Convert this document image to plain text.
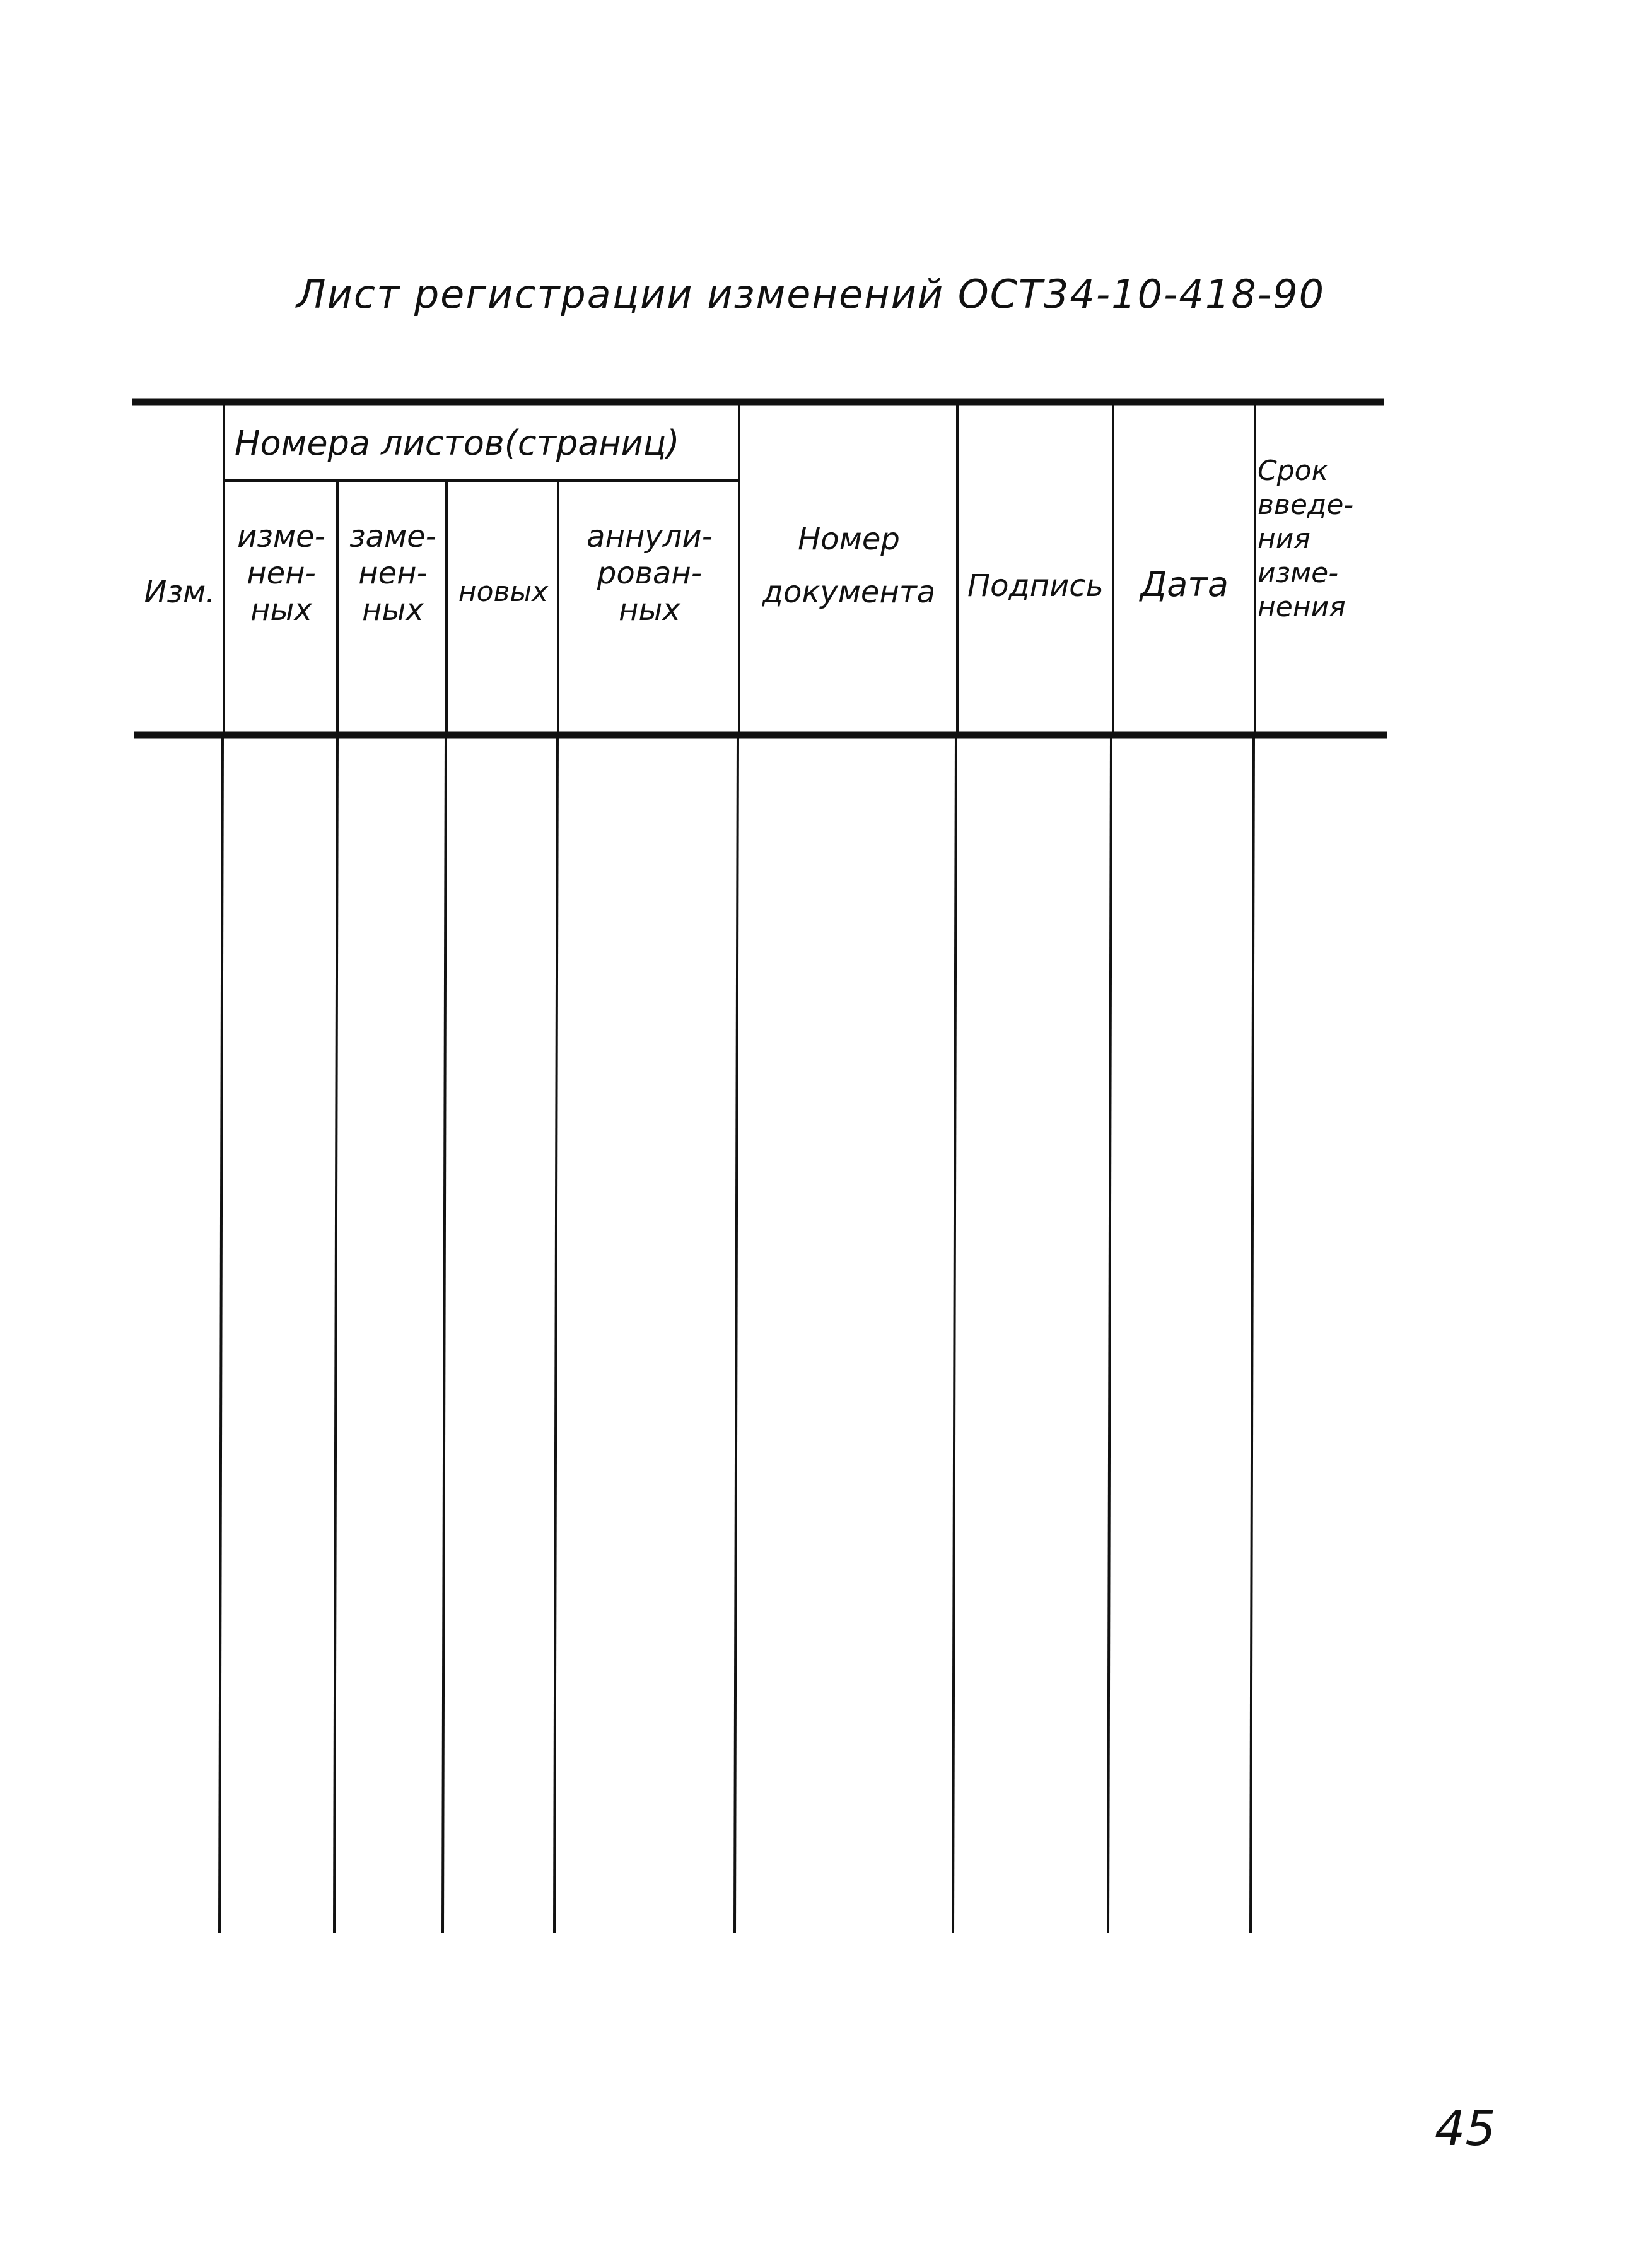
Лист регистрации изменений ОСТ34-10-418-90
Номера листов(страниц)
Изм.
изме-
нен-
ных
заме-
нен-
ных
новых
аннули-
рован-
ных
Номер
документа	Подпись	Дата
Срок
введе-
ния
изме-
нения
45
